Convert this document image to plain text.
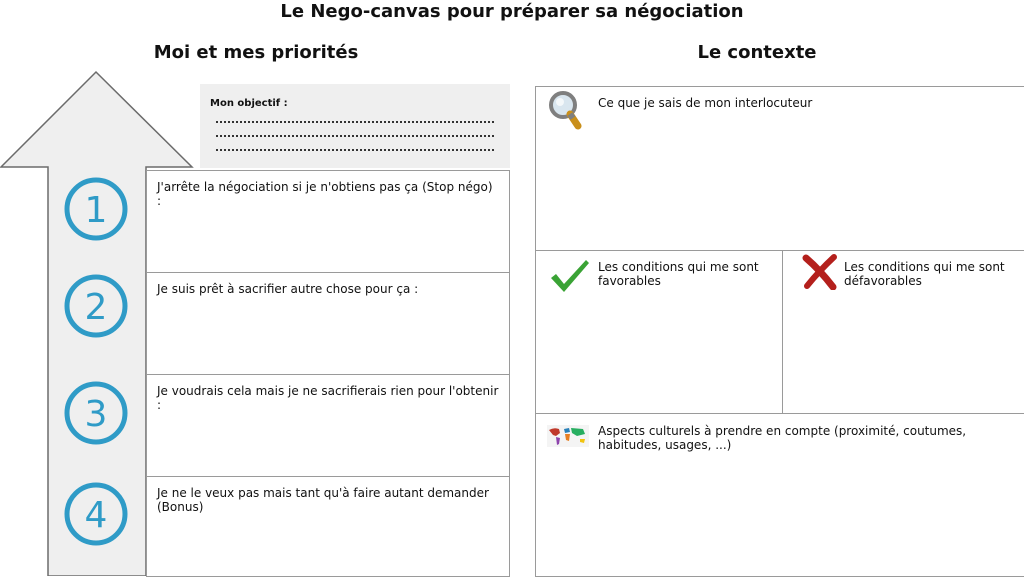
Le Nego-canvas pour préparer sa négociation
Moi et mes priorités	Le contexte
1
2
3
4
Mon objectif :
J'arrête la négociation si je n'obtiens pas ça (Stop négo) :
Je suis prêt à sacrifier autre chose pour ça :
Je voudrais cela mais je ne sacrifierais rien pour l'obtenir :
Je ne le veux pas mais tant qu'à faire autant demander (Bonus)
Ce que je sais de mon interlocuteur
Les conditions qui me sont favorables
Les conditions qui me sont défavorables
Aspects culturels à prendre en compte (proximité, coutumes, habitudes, usages, ...)
